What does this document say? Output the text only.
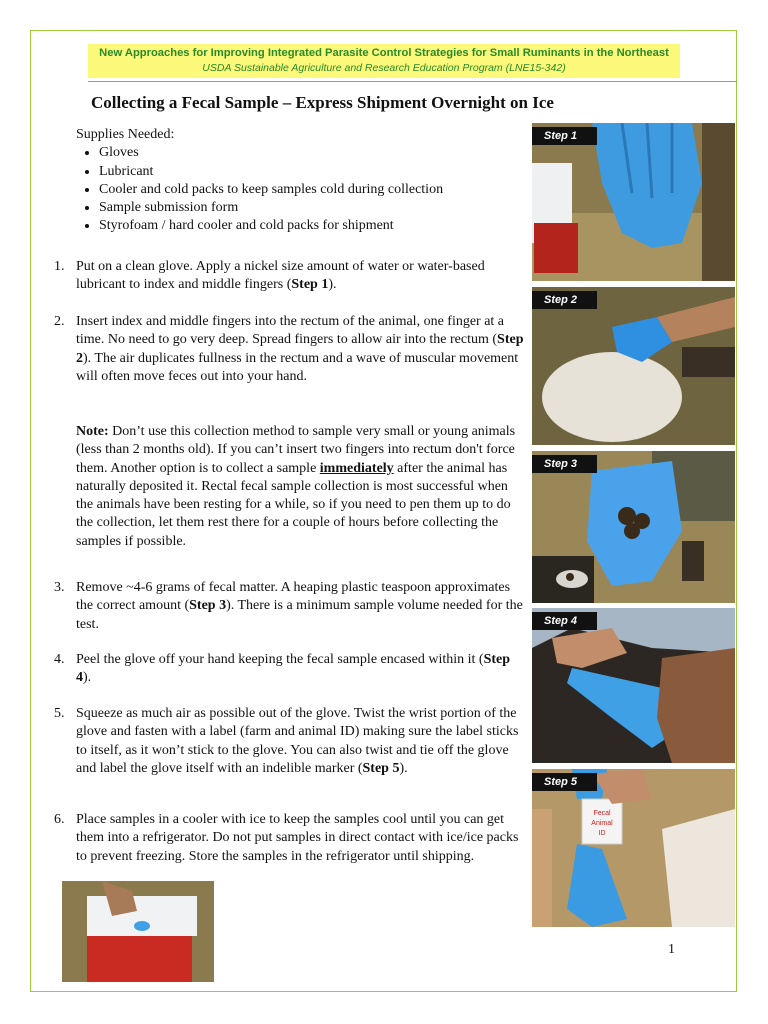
New Approaches for Improving Integrated Parasite Control Strategies for Small Ruminants in the Northeast
USDA Sustainable Agriculture and Research Education Program (LNE15-342)
Collecting a Fecal Sample – Express Shipment Overnight on Ice
Supplies Needed:
• Gloves
• Lubricant
• Cooler and cold packs to keep samples cold during collection
• Sample submission form
• Styrofoam / hard cooler and cold packs for shipment
1. Put on a clean glove. Apply a nickel size amount of water or water-based lubricant to index and middle fingers (Step 1).
2. Insert index and middle fingers into the rectum of the animal, one finger at a time. No need to go very deep. Spread fingers to allow air into the rectum (Step 2). The air duplicates fullness in the rectum and a wave of muscular movement will often move feces out into your hand.
Note: Don’t use this collection method to sample very small or young animals (less than 2 months old). If you can’t insert two fingers into rectum don't force them. Another option is to collect a sample immediately after the animal has naturally deposited it. Rectal fecal sample collection is most successful when the animals have been resting for a while, so if you need to pen them up to do the collection, let them rest there for a couple of hours before collecting the samples if possible.
3. Remove ~4-6 grams of fecal matter. A heaping plastic teaspoon approximates the correct amount (Step 3). There is a minimum sample volume needed for the test.
4. Peel the glove off your hand keeping the fecal sample encased within it (Step 4).
5. Squeeze as much air as possible out of the glove. Twist the wrist portion of the glove and fasten with a label (farm and animal ID) making sure the label sticks to itself, as it won’t stick to the glove. You can also twist and tie off the glove and label the glove itself with an indelible marker (Step 5).
6. Place samples in a cooler with ice to keep the samples cool until you can get them into a refrigerator. Do not put samples in direct contact with ice/ice packs to prevent freezing. Store the samples in the refrigerator until shipping.
Step 1
Step 2
Step 3
Step 4
Fecal
Animal
ID
Step 5
1
